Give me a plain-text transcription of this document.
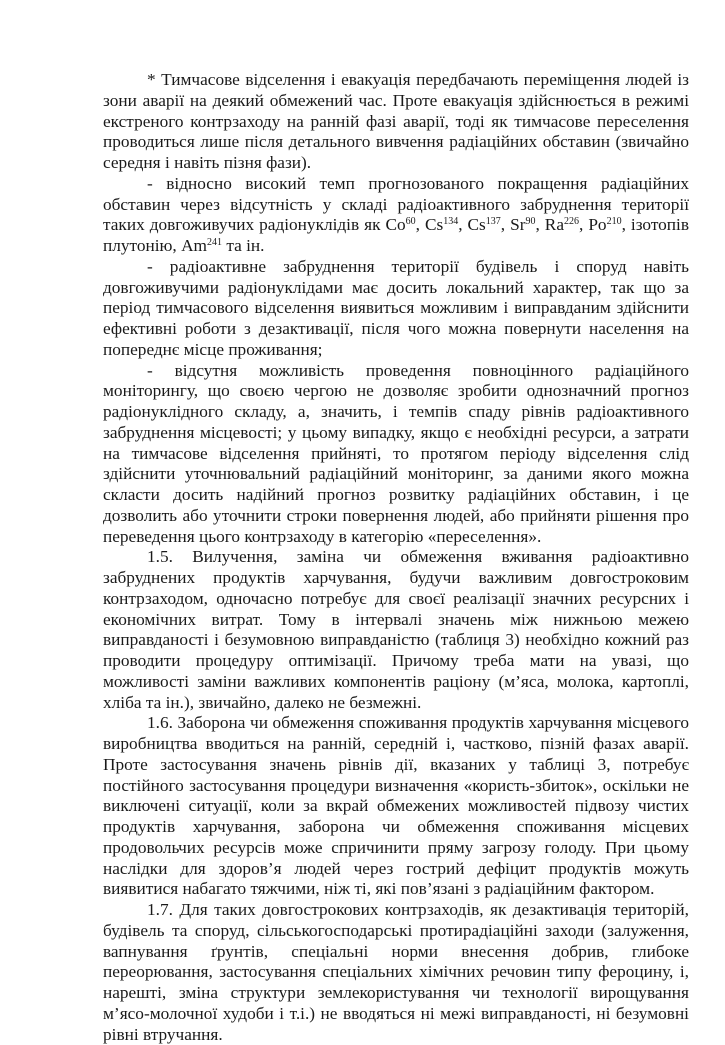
* Тимчасове відселення і евакуація передбачають переміщення людей із зони аварії на деякий обмежений час. Проте евакуація здійснюється в режимі екстреного контрзаходу на ранній фазі аварії, тоді як тимчасове переселення проводиться лише після детального вивчення радіаційних обставин (звичайно середня і навіть пізня фази).

- відносно високий темп прогнозованого покращення радіаційних обставин через відсутність у складі радіоактивного забруднення території таких довгоживучих радіонуклідів як Co$^{60}$, Cs$^{134}$, Cs$^{137}$, Sr$^{90}$, Ra$^{226}$, Po$^{210}$, ізотопів плутонію, Am$^{241}$ та ін.

- радіоактивне забруднення території будівель і споруд навіть довгоживучими радіонуклідами має досить локальний характер, так що за період тимчасового відселення виявиться можливим і виправданим здійснити ефективні роботи з дезактивації, після чого можна повернути населення на попереднє місце проживання;

- відсутня можливість проведення повноцінного радіаційного моніторингу, що своєю чергою не дозволяє зробити однозначний прогноз радіонуклідного складу, а, значить, і темпів спаду рівнів радіоактивного забруднення місцевості; у цьому випадку, якщо є необхідні ресурси, а затрати на тимчасове відселення прийняті, то протягом періоду відселення слід здійснити уточнювальний радіаційний моніторинг, за даними якого можна скласти досить надійний прогноз розвитку радіаційних обставин, і це дозволить або уточнити строки повернення людей, або прийняти рішення про переведення цього контрзаходу в категорію «переселення».

1.5. Вилучення, заміна чи обмеження вживання радіоактивно забруднених продуктів харчування, будучи важливим довгостроковим контрзаходом, одночасно потребує для своєї реалізації значних ресурсних і економічних витрат. Тому в інтервалі значень між нижньою межею виправданості і безумовною виправданістю (таблиця 3) необхідно кожний раз проводити процедуру оптимізації. Причому треба мати на увазі, що можливості заміни важливих компонентів раціону (м’яса, молока, картоплі, хліба та ін.), звичайно, далеко не безмежні.

1.6. Заборона чи обмеження споживання продуктів харчування місцевого виробництва вводиться на ранній, середній і, частково, пізній фазах аварії. Проте застосування значень рівнів дії, вказаних у таблиці 3, потребує постійного застосування процедури визначення «користь-збиток», оскільки не виключені ситуації, коли за вкрай обмежених можливостей підвозу чистих продуктів харчування, заборона чи обмеження споживання місцевих продовольчих ресурсів може спричинити пряму загрозу голоду. При цьому наслідки для здоров’я людей через гострий дефіцит продуктів можуть виявитися набагато тяжчими, ніж ті, які пов’язані з радіаційним фактором.

1.7. Для таких довгострокових контрзаходів, як дезактивація територій, будівель та споруд, сільськогосподарські протирадіаційні заходи (залуження, вапнування ґрунтів, спеціальні норми внесення добрив, глибоке переорювання, застосування спеціальних хімічних речовин типу фероцину, і, нарешті, зміна структури землекористування чи технології вирощування м’ясо-молочної худоби і т.і.) не вводяться ні межі виправданості, ні безумовні рівні втручання.
